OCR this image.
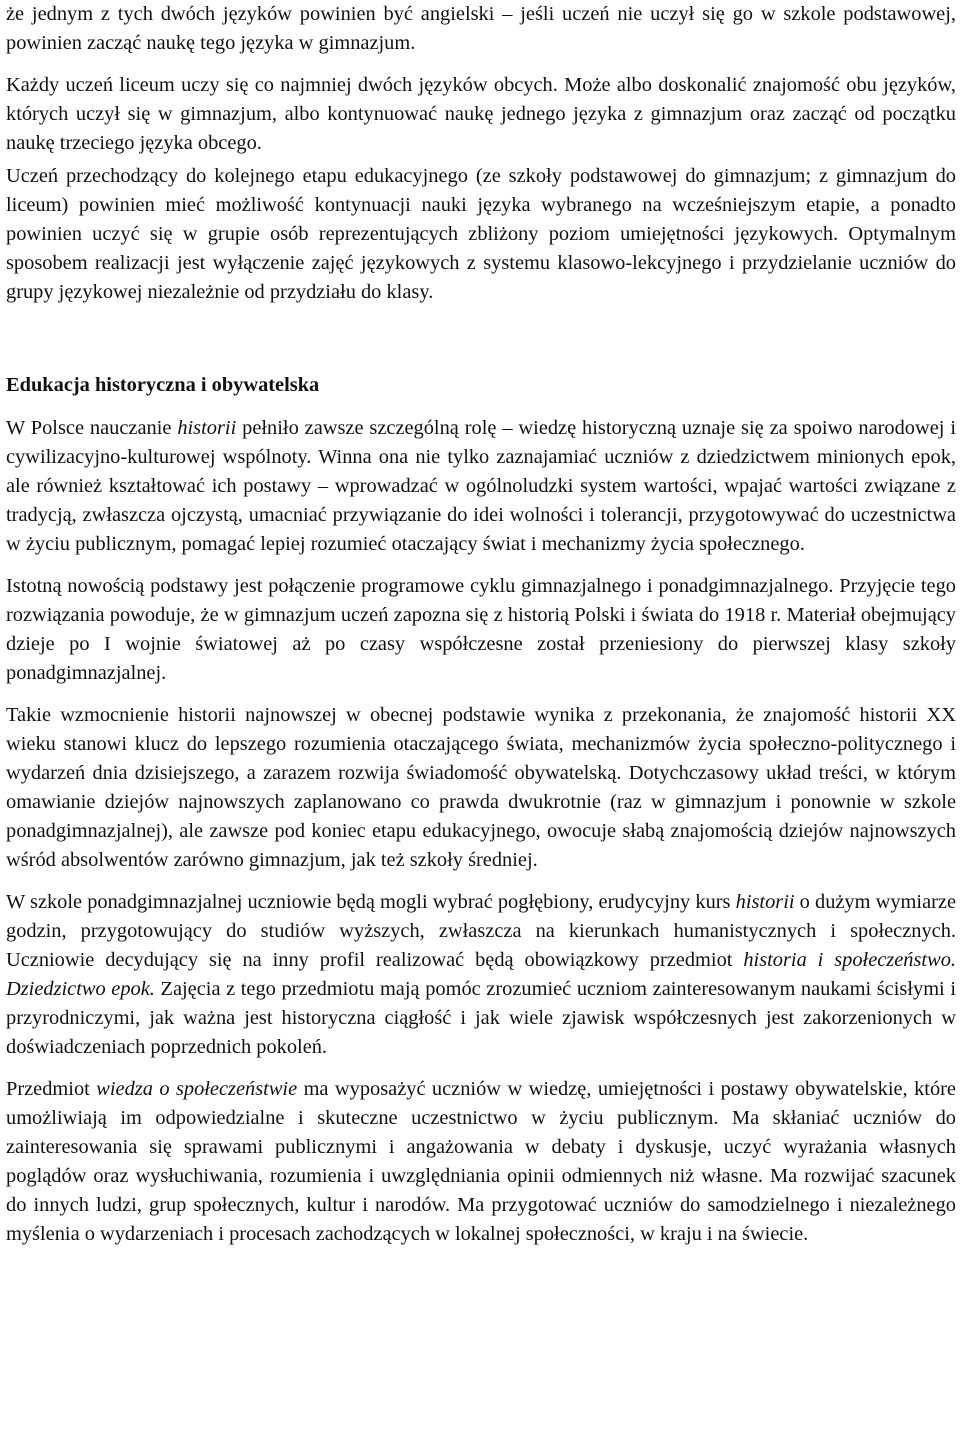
że jednym z tych dwóch języków powinien być angielski – jeśli uczeń nie uczył się go w szkole podstawowej, powinien zacząć naukę tego języka w gimnazjum.

Każdy uczeń liceum uczy się co najmniej dwóch języków obcych. Może albo doskonalić znajomość obu języków, których uczył się w gimnazjum, albo kontynuować naukę jednego języka z gimnazjum oraz zacząć od początku naukę trzeciego języka obcego.

Uczeń przechodzący do kolejnego etapu edukacyjnego (ze szkoły podstawowej do gimnazjum; z gimnazjum do liceum) powinien mieć możliwość kontynuacji nauki języka wybranego na wcześniejszym etapie, a ponadto powinien uczyć się w grupie osób reprezentujących zbliżony poziom umiejętności językowych. Optymalnym sposobem realizacji jest wyłączenie zajęć językowych z systemu klasowo-lekcyjnego i przydzielanie uczniów do grupy językowej niezależnie od przydziału do klasy.

Edukacja historyczna i obywatelska

W Polsce nauczanie historii pełniło zawsze szczególną rolę – wiedzę historyczną uznaje się za spoiwo narodowej i cywilizacyjno-kulturowej wspólnoty. Winna ona nie tylko zaznajamiać uczniów z dziedzictwem minionych epok, ale również kształtować ich postawy – wprowadzać w ogólnoludzki system wartości, wpajać wartości związane z tradycją, zwłaszcza ojczystą, umacniać przywiązanie do idei wolności i tolerancji, przygotowywać do uczestnictwa w życiu publicznym, pomagać lepiej rozumieć otaczający świat i mechanizmy życia społecznego.

Istotną nowością podstawy jest połączenie programowe cyklu gimnazjalnego i ponadgimnazjalnego. Przyjęcie tego rozwiązania powoduje, że w gimnazjum uczeń zapozna się z historią Polski i świata do 1918 r. Materiał obejmujący dzieje po I wojnie światowej aż po czasy współczesne został przeniesiony do pierwszej klasy szkoły ponadgimnazjalnej.

Takie wzmocnienie historii najnowszej w obecnej podstawie wynika z przekonania, że znajomość historii XX wieku stanowi klucz do lepszego rozumienia otaczającego świata, mechanizmów życia społeczno-politycznego i wydarzeń dnia dzisiejszego, a zarazem rozwija świadomość obywatelską. Dotychczasowy układ treści, w którym omawianie dziejów najnowszych zaplanowano co prawda dwukrotnie (raz w gimnazjum i ponownie w szkole ponadgimnazjalnej), ale zawsze pod koniec etapu edukacyjnego, owocuje słabą znajomością dziejów najnowszych wśród absolwentów zarówno gimnazjum, jak też szkoły średniej.

W szkole ponadgimnazjalnej uczniowie będą mogli wybrać pogłębiony, erudycyjny kurs historii o dużym wymiarze godzin, przygotowujący do studiów wyższych, zwłaszcza na kierunkach humanistycznych i społecznych. Uczniowie decydujący się na inny profil realizować będą obowiązkowy przedmiot historia i społeczeństwo. Dziedzictwo epok. Zajęcia z tego przedmiotu mają pomóc zrozumieć uczniom zainteresowanym naukami ścisłymi i przyrodniczymi, jak ważna jest historyczna ciągłość i jak wiele zjawisk współczesnych jest zakorzenionych w doświadczeniach poprzednich pokoleń.

Przedmiot wiedza o społeczeństwie ma wyposażyć uczniów w wiedzę, umiejętności i postawy obywatelskie, które umożliwiają im odpowiedzialne i skuteczne uczestnictwo w życiu publicznym. Ma skłaniać uczniów do zainteresowania się sprawami publicznymi i angażowania w debaty i dyskusje, uczyć wyrażania własnych poglądów oraz wysłuchiwania, rozumienia i uwzględniania opinii odmiennych niż własne. Ma rozwijać szacunek do innych ludzi, grup społecznych, kultur i narodów. Ma przygotować uczniów do samodzielnego i niezależnego myślenia o wydarzeniach i procesach zachodzących w lokalnej społeczności, w kraju i na świecie.
